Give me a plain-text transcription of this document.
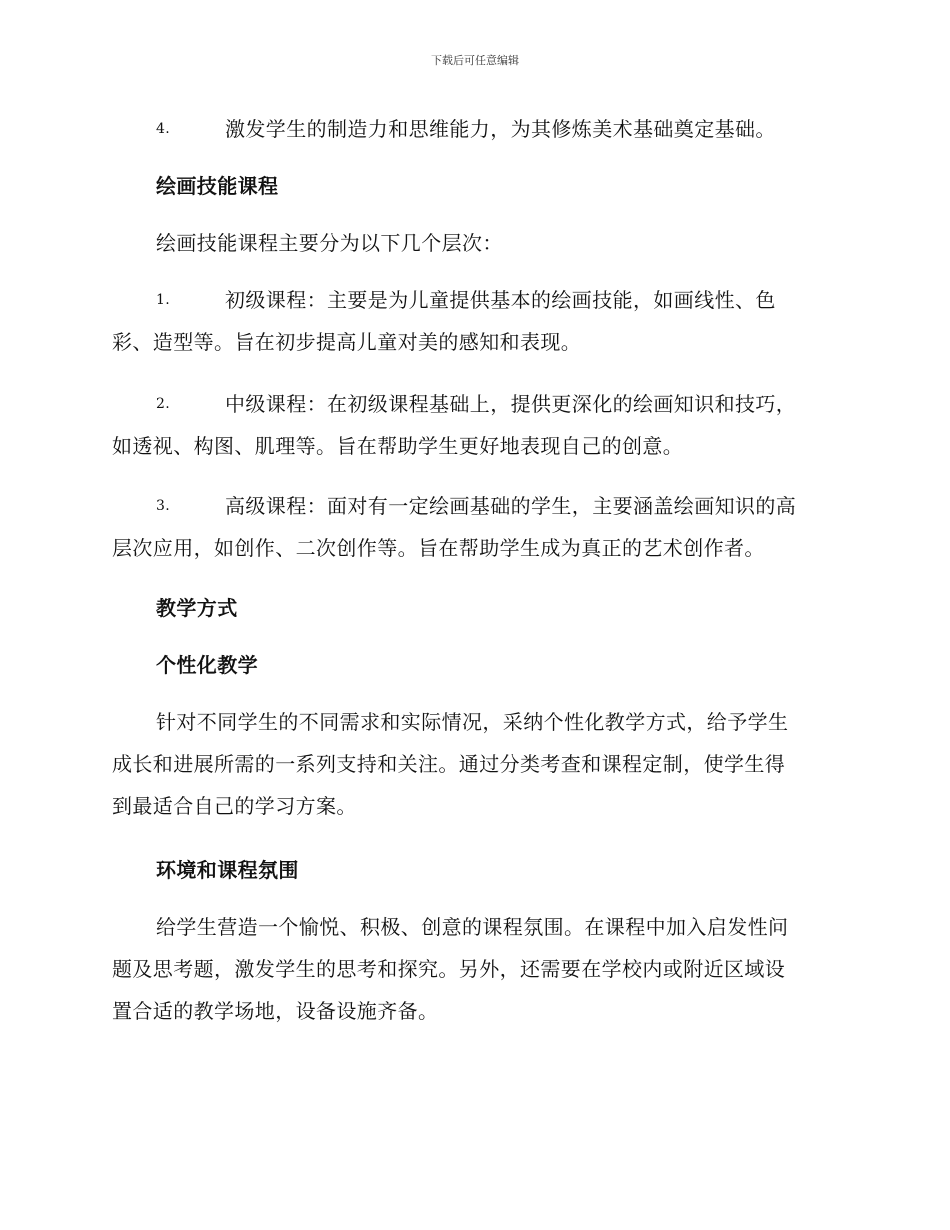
下载后可任意编辑
4.	激发学生的制造力和思维能力，为其修炼美术基础奠定基础。
绘画技能课程
绘画技能课程主要分为以下几个层次：
1.	初级课程：主要是为儿童提供基本的绘画技能，如画线性、色
彩、造型等。旨在初步提高儿童对美的感知和表现。
2.	中级课程：在初级课程基础上，提供更深化的绘画知识和技巧，
如透视、构图、肌理等。旨在帮助学生更好地表现自己的创意。
3.	高级课程：面对有一定绘画基础的学生，主要涵盖绘画知识的高
层次应用，如创作、二次创作等。旨在帮助学生成为真正的艺术创作者。
教学方式
个性化教学
针对不同学生的不同需求和实际情况，采纳个性化教学方式，给予学生
成长和进展所需的一系列支持和关注。通过分类考查和课程定制，使学生得
到最适合自己的学习方案。
环境和课程氛围
给学生营造一个愉悦、积极、创意的课程氛围。在课程中加入启发性问
题及思考题，激发学生的思考和探究。另外，还需要在学校内或附近区域设
置合适的教学场地，设备设施齐备。
